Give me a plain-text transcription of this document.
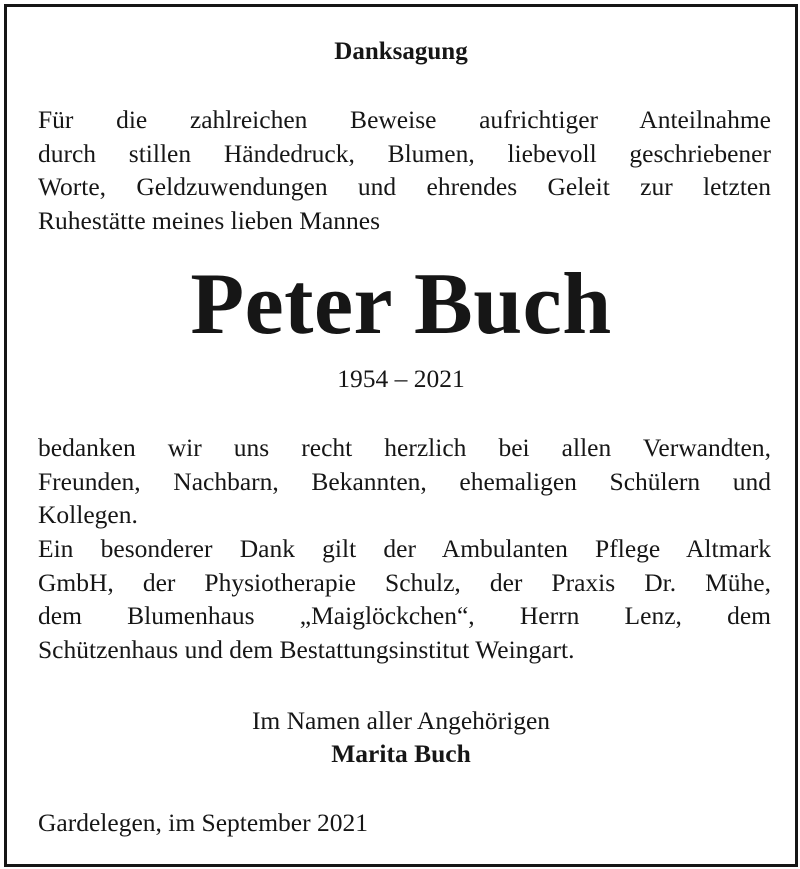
Danksagung

Für die zahlreichen Beweise aufrichtiger Anteilnahme
durch stillen Händedruck, Blumen, liebevoll geschriebener
Worte, Geldzuwendungen und ehrendes Geleit zur letzten
Ruhestätte meines lieben Mannes

Peter Buch
1954 – 2021

bedanken wir uns recht herzlich bei allen Verwandten,
Freunden, Nachbarn, Bekannten, ehemaligen Schülern und
Kollegen.

Ein besonderer Dank gilt der Ambulanten Pflege Altmark
GmbH, der Physiotherapie Schulz, der Praxis Dr. Mühe,
dem Blumenhaus „Maiglöckchen“, Herrn Lenz, dem
Schützenhaus und dem Bestattungsinstitut Weingart.

Im Namen aller Angehörigen
Marita Buch
Gardelegen, im September 2021
